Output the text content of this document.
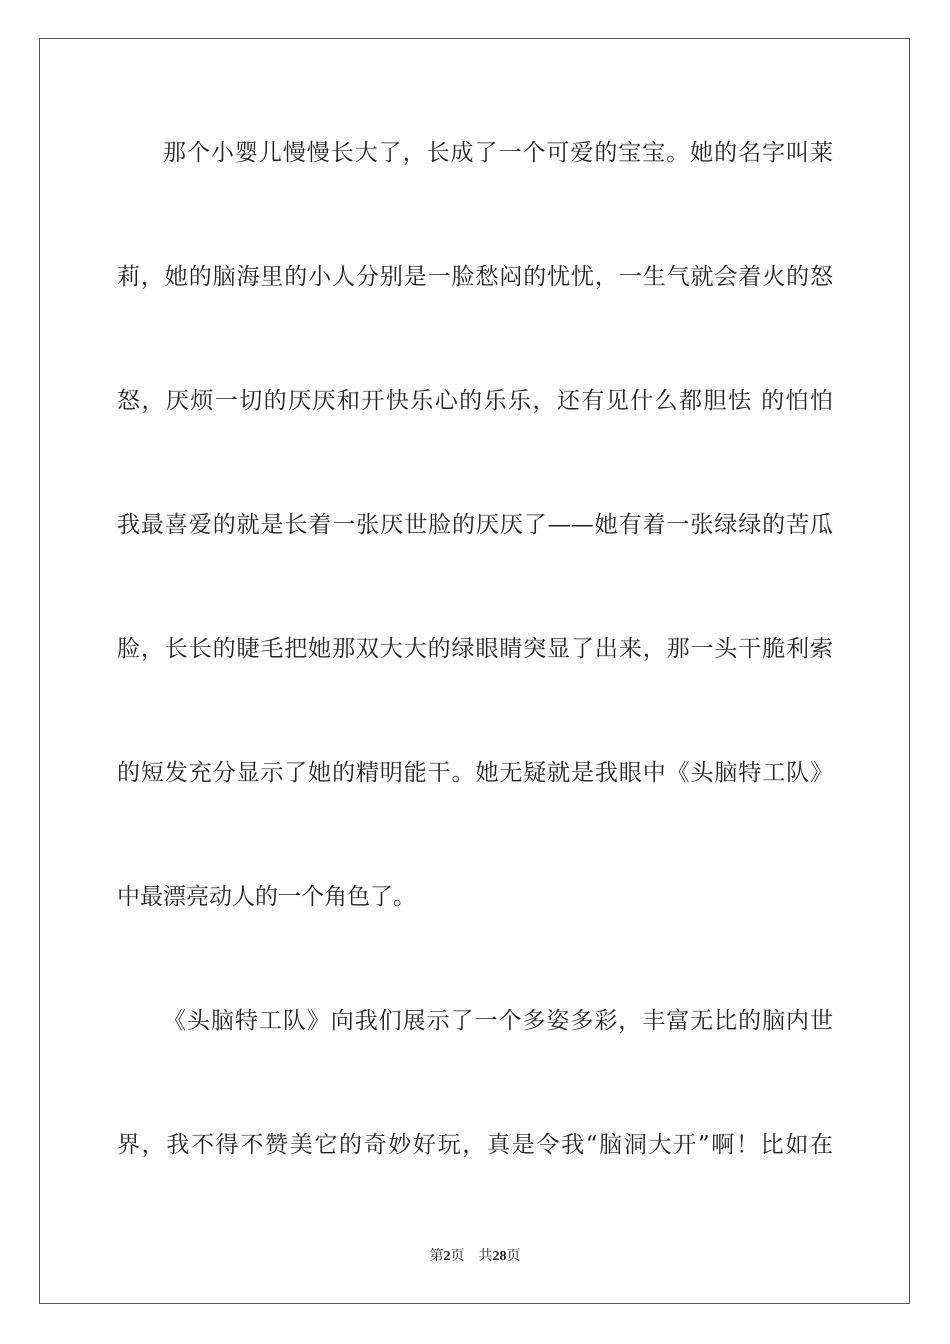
那个小婴儿慢慢长大了，长成了一个可爱的宝宝。她的名字叫莱
莉，她的脑海里的小人分别是一脸愁闷的忧忧，一生气就会着火的怒
怒，厌烦一切的厌厌和开快乐心的乐乐，还有见什么都胆怯 的怕怕
我最喜爱的就是长着一张厌世脸的厌厌了——她有着一张绿绿的苦瓜
脸，长长的睫毛把她那双大大的绿眼睛突显了出来，那一头干脆利索
的短发充分显示了她的精明能干。她无疑就是我眼中《头脑特工队》
中最漂亮动人的一个角色了。
《头脑特工队》向我们展示了一个多姿多彩，丰富无比的脑内世
界，我不得不赞美它的奇妙好玩，真是令我“脑洞大开”啊！比如在
第2页 共28页
